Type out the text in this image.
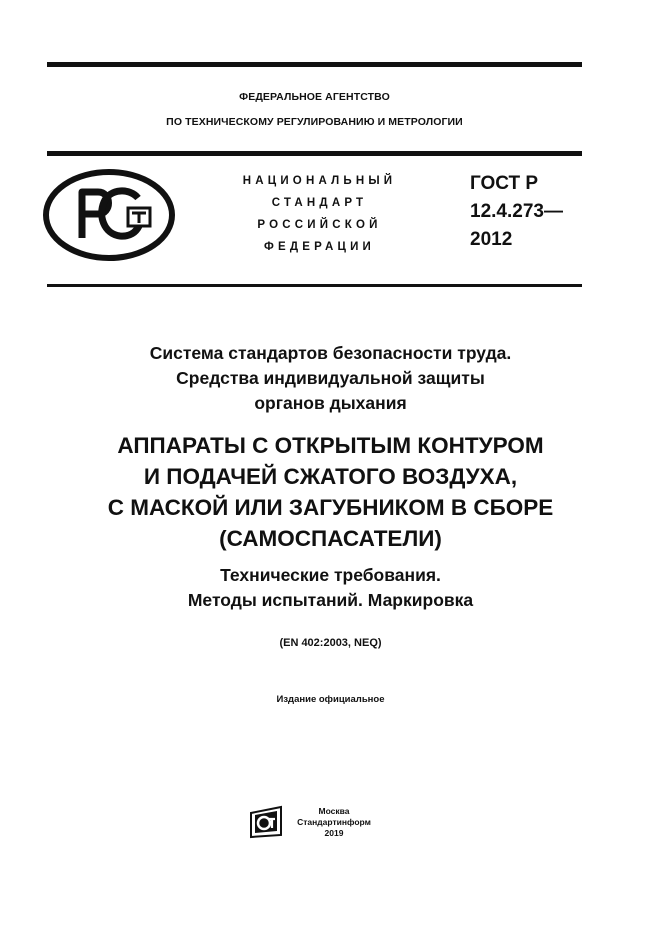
ФЕДЕРАЛЬНОЕ АГЕНТСТВО
ПО ТЕХНИЧЕСКОМУ РЕГУЛИРОВАНИЮ И МЕТРОЛОГИИ
НАЦИОНАЛЬНЫЙ
СТАНДАРТ
РОССИЙСКОЙ
ФЕДЕРАЦИИ
ГОСТ Р
12.4.273—
2012
Система стандартов безопасности труда.
Средства индивидуальной защиты
органов дыхания
АППАРАТЫ С ОТКРЫТЫМ КОНТУРОМ
И ПОДАЧЕЙ СЖАТОГО ВОЗДУХА,
С МАСКОЙ ИЛИ ЗАГУБНИКОМ В СБОРЕ
(САМОСПАСАТЕЛИ)
Технические требования.
Методы испытаний. Маркировка
(EN 402:2003, NEQ)
Издание официальное
Москва
Стандартинформ
2019
